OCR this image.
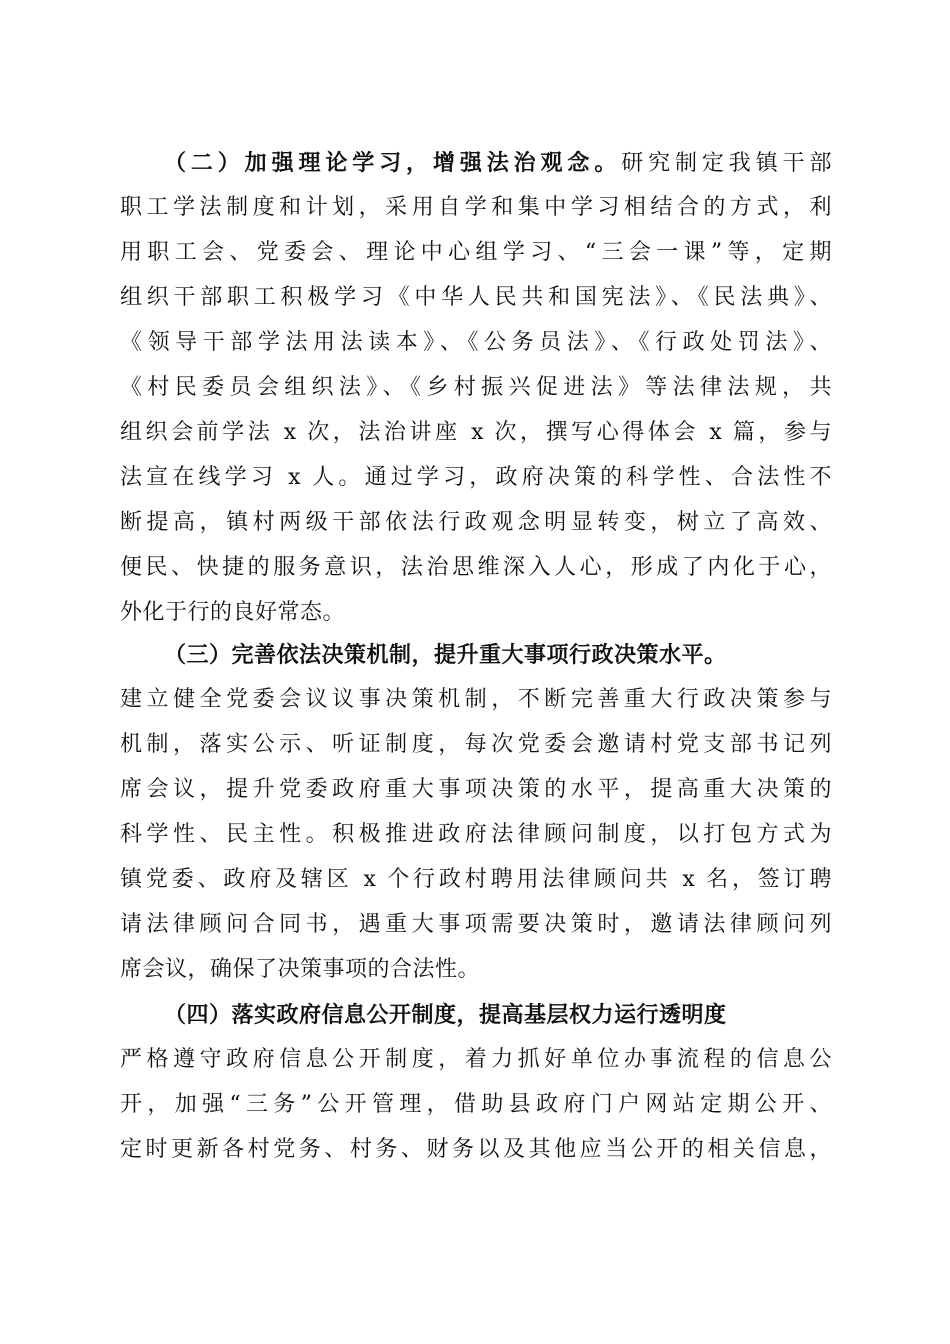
（二）加强理论学习，增强法治观念。研究制定我镇干部
职工学法制度和计划，采用自学和集中学习相结合的方式，利
用职工会、党委会、理论中心组学习、“三会一课”等，定期
组织干部职工积极学习《中华人民共和国宪法》、《民法典》、
《领导干部学法用法读本》、《公务员法》、《行政处罚法》、
《村民委员会组织法》、《乡村振兴促进法》等法律法规，共
组织会前学法 x 次，法治讲座 x 次，撰写心得体会 x 篇，参与
法宣在线学习 x 人。通过学习，政府决策的科学性、合法性不
断提高，镇村两级干部依法行政观念明显转变，树立了高效、
便民、快捷的服务意识，法治思维深入人心，形成了内化于心，
外化于行的良好常态。
（三）完善依法决策机制，提升重大事项行政决策水平。
建立健全党委会议议事决策机制，不断完善重大行政决策参与
机制，落实公示、听证制度，每次党委会邀请村党支部书记列
席会议，提升党委政府重大事项决策的水平，提高重大决策的
科学性、民主性。积极推进政府法律顾问制度，以打包方式为
镇党委、政府及辖区 x 个行政村聘用法律顾问共 x 名，签订聘
请法律顾问合同书，遇重大事项需要决策时，邀请法律顾问列
席会议，确保了决策事项的合法性。
（四）落实政府信息公开制度，提高基层权力运行透明度
严格遵守政府信息公开制度，着力抓好单位办事流程的信息公
开，加强“三务”公开管理，借助县政府门户网站定期公开、
定时更新各村党务、村务、财务以及其他应当公开的相关信息，
